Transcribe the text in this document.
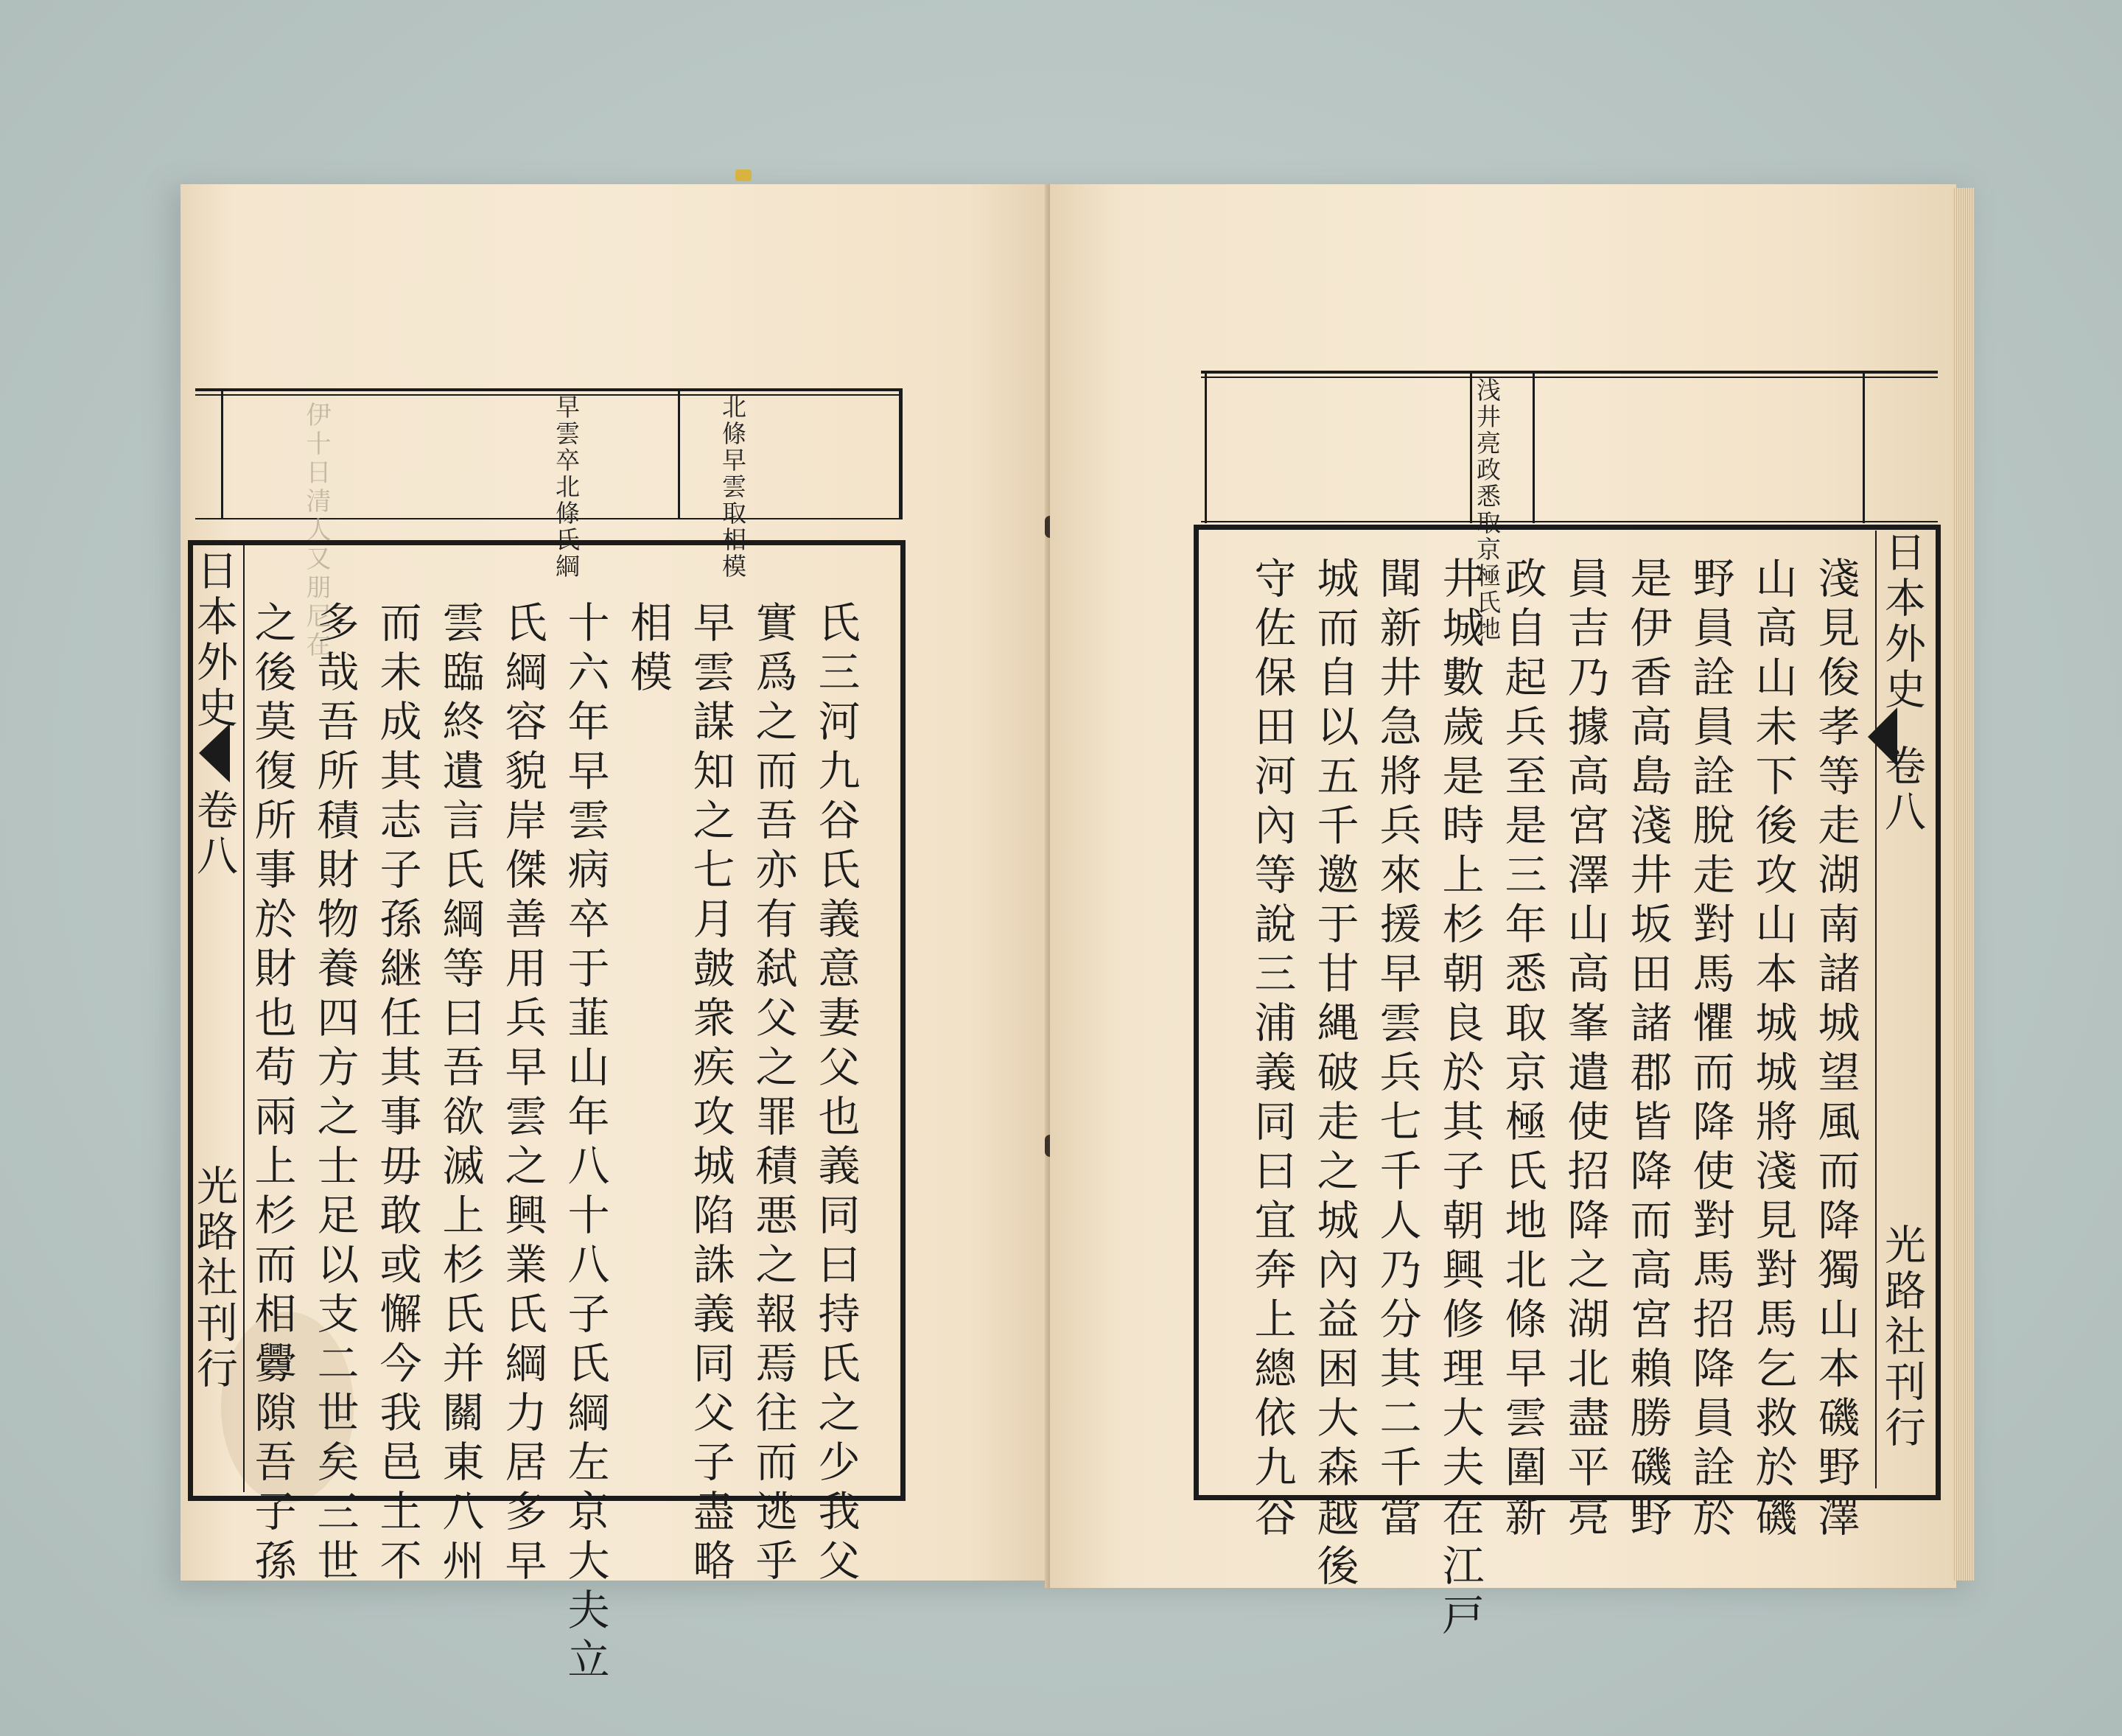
北條早雲取相模
早雲卒北條氏綱
伊十日清人又朋尼在
日本外史
卷八
光路社刊行	氏三河九谷氏義意妻父也義同曰持氏之少我父
實爲之而吾亦有弑父之罪積悪之報焉往而逃乎
早雲謀知之七月皷衆疾攻城陷誅義同父子盡略
相模
十六年早雲病卒于韮山年八十八子氏綱左京大夫立
氏綱容貌岸傑善用兵早雲之興業氏綱力居多早
雲臨終遺言氏綱等曰吾欲滅上杉氏并關東八州
而未成其志子孫継任其事毋敢或懈今我邑土不
多哉吾所積財物養四方之士足以支二世矣三世
之後莫復所事於財也苟兩上杉而相釁隙吾子孫
浅井亮政悉取京極氏地	日本外史
卷八
光路社刊行
淺見俊孝等走湖南諸城望風而降獨山本磯野澤
山高山未下後攻山本城城將淺見對馬乞救於磯
野員詮員詮脫走對馬懼而降使對馬招降員詮於
是伊香高島淺井坂田諸郡皆降而高宮賴勝磯野
員吉乃據高宮澤山高峯遣使招降之湖北盡平亮
政自起兵至是三年悉取京極氏地北條早雲圍新
井城數歲是時上杉朝良於其子朝興修理大夫在江戸
聞新井急將兵來援早雲兵七千人乃分其二千當
城而自以五千邀于甘縄破走之城內益困大森越後
守佐保田河內等說三浦義同曰宜奔上總依九谷
